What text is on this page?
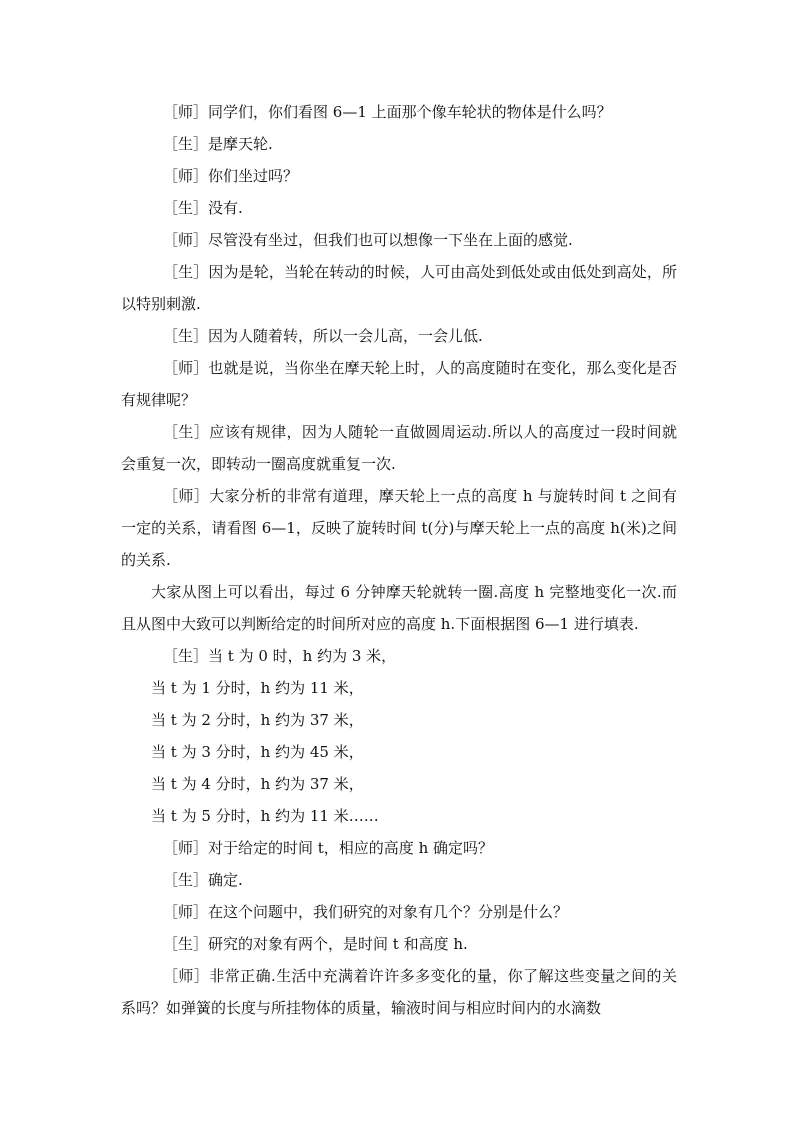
［师］同学们，你们看图 6—1 上面那个像车轮状的物体是什么吗？

［生］是摩天轮.

［师］你们坐过吗？

［生］没有.

［师］尽管没有坐过，但我们也可以想像一下坐在上面的感觉.

［生］因为是轮，当轮在转动的时候，人可由高处到低处或由低处到高处，所以特别刺激.

［生］因为人随着转，所以一会儿高，一会儿低.

［师］也就是说，当你坐在摩天轮上时，人的高度随时在变化，那么变化是否有规律呢？

［生］应该有规律，因为人随轮一直做圆周运动.所以人的高度过一段时间就会重复一次，即转动一圈高度就重复一次.

［师］大家分析的非常有道理，摩天轮上一点的高度 h 与旋转时间 t 之间有一定的关系，请看图 6—1，反映了旋转时间 t(分)与摩天轮上一点的高度 h(米)之间的关系.

大家从图上可以看出，每过 6 分钟摩天轮就转一圈.高度 h 完整地变化一次.而且从图中大致可以判断给定的时间所对应的高度 h.下面根据图 6—1 进行填表.

［生］当 t 为 0 时，h 约为 3 米，

当 t 为 1 分时，h 约为 11 米，

当 t 为 2 分时，h 约为 37 米，

当 t 为 3 分时，h 约为 45 米，

当 t 为 4 分时，h 约为 37 米，

当 t 为 5 分时，h 约为 11 米……

［师］对于给定的时间 t，相应的高度 h 确定吗？

［生］确定.

［师］在这个问题中，我们研究的对象有几个？分别是什么？

［生］研究的对象有两个，是时间 t 和高度 h.

［师］非常正确.生活中充满着许许多多变化的量，你了解这些变量之间的关系吗？如弹簧的长度与所挂物体的质量，输液时间与相应时间内的水滴数
